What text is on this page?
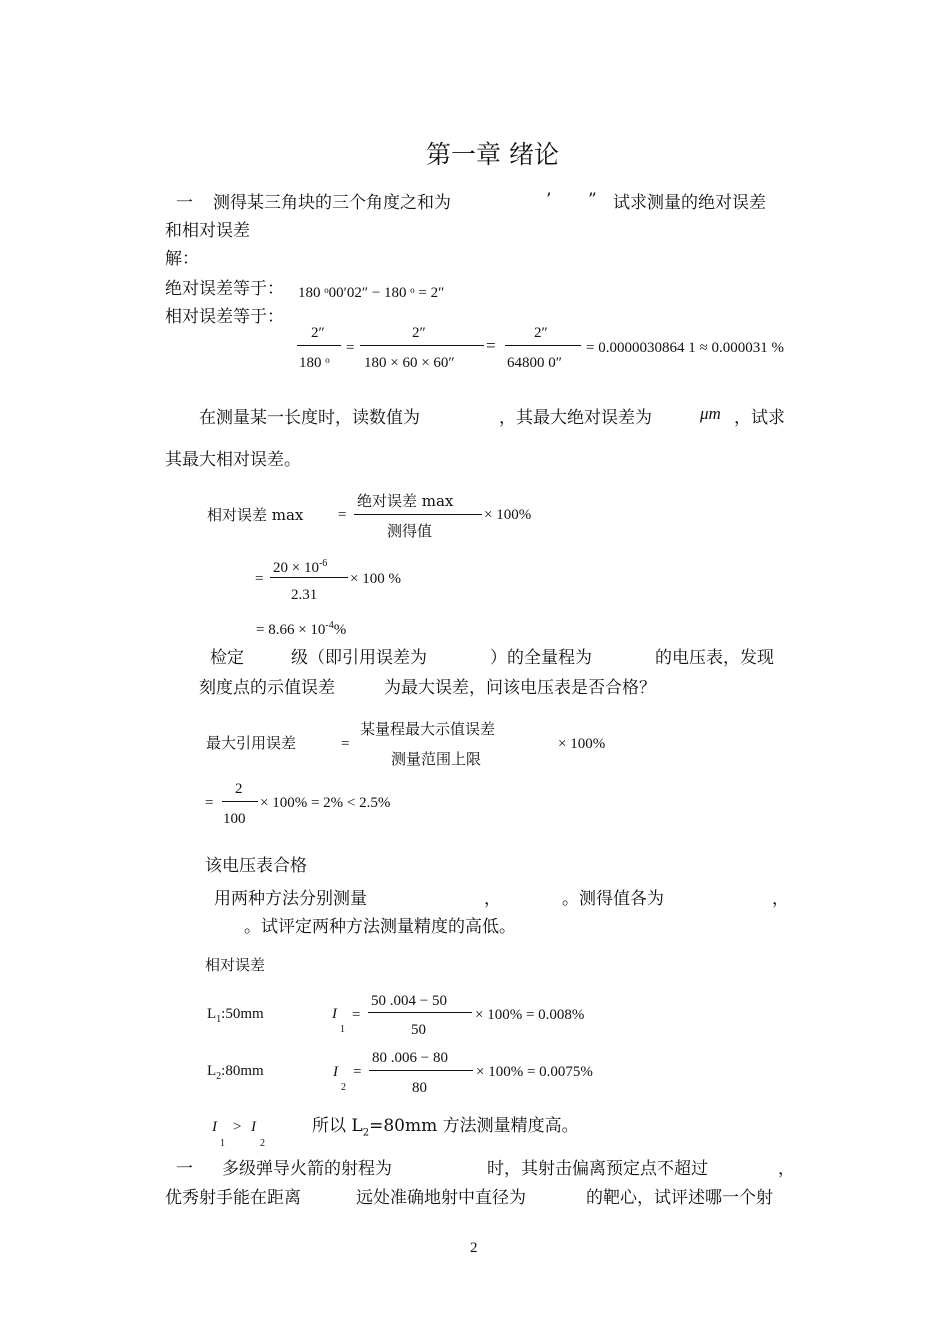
第一章 绪论
一 测得某三角块的三个角度之和为	’ ” 试求测量的绝对误差
和相对误差
解：
绝对误差等于： 180 ᵒ00′02″ − 180 ᵒ = 2″
相对误差等于：
2″
180 ᵒ
=
2″
180 × 60 × 60″
=
2″
64800 0″
= 0.0000030864 1 ≈ 0.000031 %
在测量某一长度时，读数值为	，其最大绝对误差为	μm ，试求
其最大相对误差。
相对误差 max =
绝对误差 max
测得值
× 100%
=
$20 \times 10^{-6}$
2.31
× 100 %
= $8.66 \times 10^{-4}\%$
检定	级（即引用误差为	）的全量程为	的电压表，发现
刻度点的示值误差	为最大误差，问该电压表是否合格？
最大引用误差	=
某量程最大示值误差
测量范围上限
× 100%
=
2
100
× 100% = 2% < 2.5%
该电压表合格
用两种方法分别测量	，	。测得值各为	，
。试评定两种方法测量精度的高低。
相对误差
$L_1:50mm$	I
1
=
50 .004 − 50
50
× 100% = 0.008%
$L_2:80mm$	I
2
=
80 .006 − 80
80
× 100% = 0.0075%
I
1
> I
2
所以 $L_2=80mm$ 方法测量精度高。
一 多级弹导火箭的射程为	时，其射击偏离预定点不超过	，
优秀射手能在距离	远处准确地射中直径为	的靶心，试评述哪一个射
2
